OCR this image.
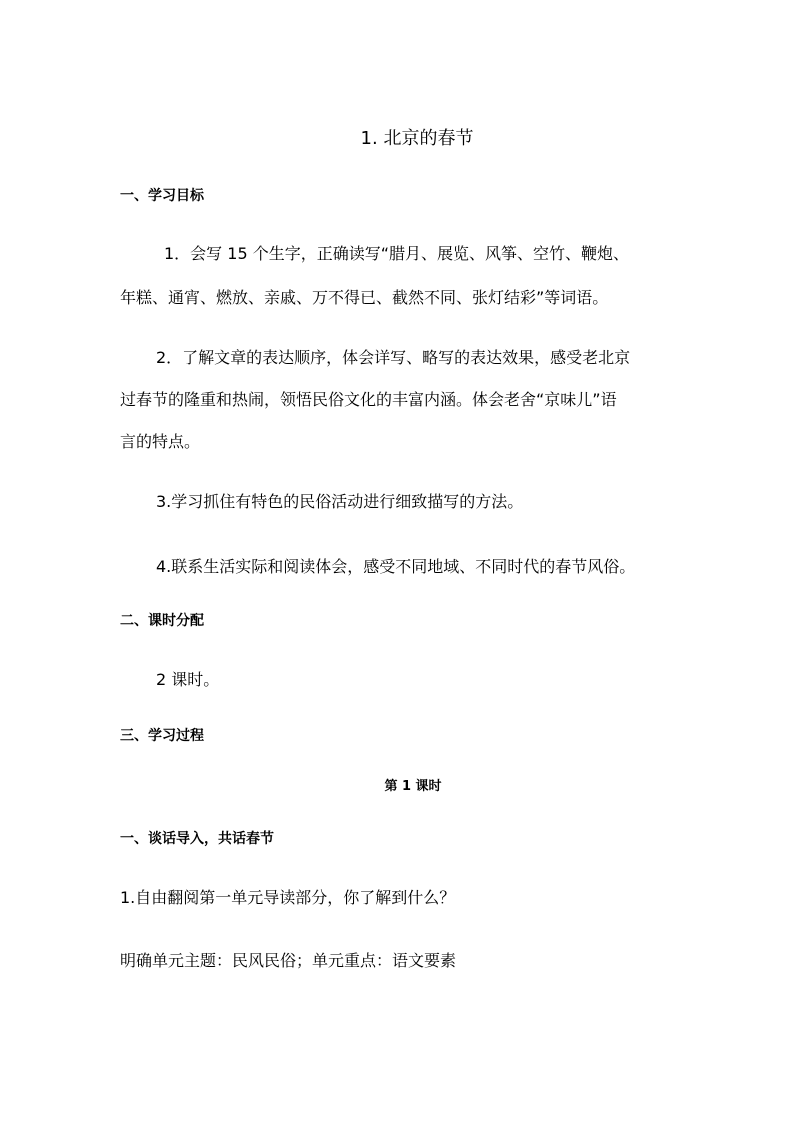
1. 北京的春节
一、学习目标
1．会写 15 个生字，正确读写“腊月、展览、风筝、空竹、鞭炮、
年糕、通宵、燃放、亲戚、万不得已、截然不同、张灯结彩”等词语。
2．了解文章的表达顺序，体会详写、略写的表达效果，感受老北京
过春节的隆重和热闹，领悟民俗文化的丰富内涵。体会老舍“京味儿”语
言的特点。
3.学习抓住有特色的民俗活动进行细致描写的方法。
4.联系生活实际和阅读体会，感受不同地域、不同时代的春节风俗。
二、课时分配
2 课时。
三、学习过程
第 1 课时
一、谈话导入，共话春节
1.自由翻阅第一单元导读部分，你了解到什么？
明确单元主题：民风民俗；单元重点：语文要素
